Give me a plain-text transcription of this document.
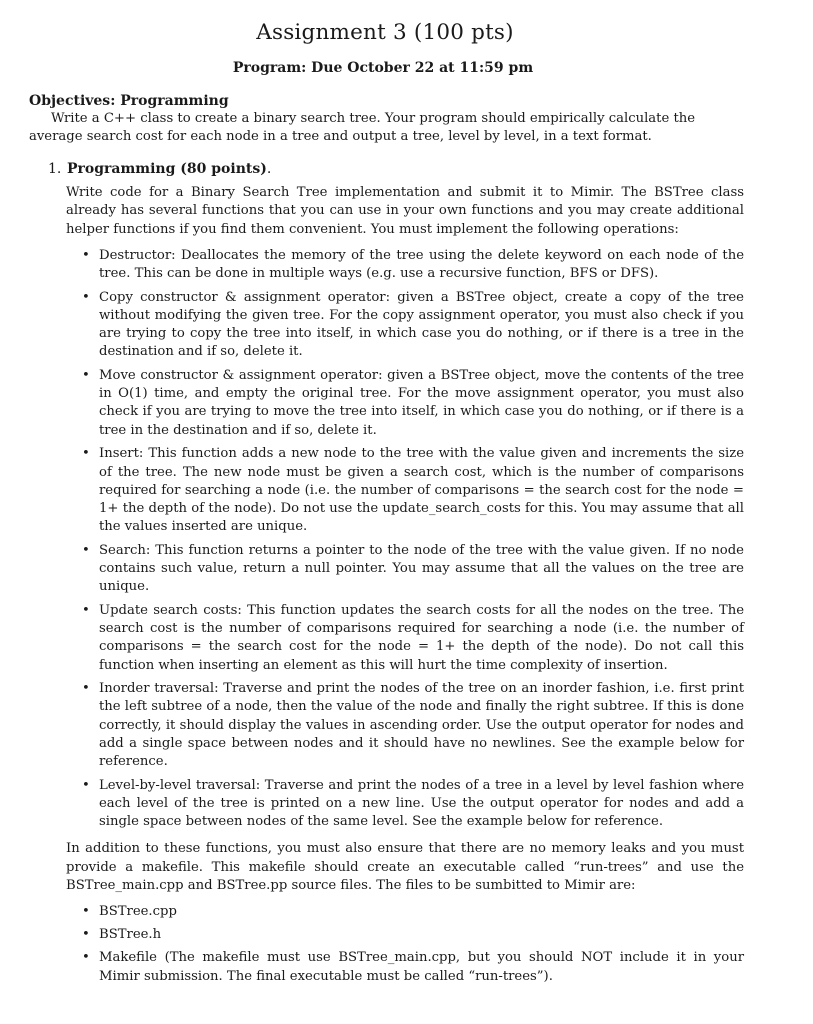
Assignment 3 (100 pts)
Program: Due October 22 at 11:59 pm
Objectives: Programming
Write a C++ class to create a binary search tree. Your program should empirically calculate the average search cost for each node in a tree and output a tree, level by level, in a text format.
1. Programming (80 points).
Write code for a Binary Search Tree implementation and submit it to Mimir. The BSTree class already has several functions that you can use in your own functions and you may create additional helper functions if you find them convenient. You must implement the following operations:
• Destructor: Deallocates the memory of the tree using the delete keyword on each node of the tree. This can be done in multiple ways (e.g. use a recursive function, BFS or DFS).
• Copy constructor & assignment operator: given a BSTree object, create a copy of the tree without modifying the given tree. For the copy assignment operator, you must also check if you are trying to copy the tree into itself, in which case you do nothing, or if there is a tree in the destination and if so, delete it.
• Move constructor & assignment operator: given a BSTree object, move the contents of the tree in O(1) time, and empty the original tree. For the move assignment operator, you must also check if you are trying to move the tree into itself, in which case you do nothing, or if there is a tree in the destination and if so, delete it.
• Insert: This function adds a new node to the tree with the value given and increments the size of the tree. The new node must be given a search cost, which is the number of comparisons required for searching a node (i.e. the number of comparisons = the search cost for the node = 1+ the depth of the node). Do not use the update_search_costs for this. You may assume that all the values inserted are unique.
• Search: This function returns a pointer to the node of the tree with the value given. If no node contains such value, return a null pointer. You may assume that all the values on the tree are unique.
• Update search costs: This function updates the search costs for all the nodes on the tree. The search cost is the number of comparisons required for searching a node (i.e. the number of comparisons = the search cost for the node = 1+ the depth of the node). Do not call this function when inserting an element as this will hurt the time complexity of insertion.
• Inorder traversal: Traverse and print the nodes of the tree on an inorder fashion, i.e. first print the left subtree of a node, then the value of the node and finally the right subtree. If this is done correctly, it should display the values in ascending order. Use the output operator for nodes and add a single space between nodes and it should have no newlines. See the example below for reference.
• Level-by-level traversal: Traverse and print the nodes of a tree in a level by level fashion where each level of the tree is printed on a new line. Use the output operator for nodes and add a single space between nodes of the same level. See the example below for reference.
In addition to these functions, you must also ensure that there are no memory leaks and you must provide a makefile. This makefile should create an executable called “run-trees” and use the BSTree_main.cpp and BSTree.pp source files. The files to be sumbitted to Mimir are:
• BSTree.cpp
• BSTree.h
• Makefile (The makefile must use BSTree_main.cpp, but you should NOT include it in your Mimir submission. The final executable must be called “run-trees”).
